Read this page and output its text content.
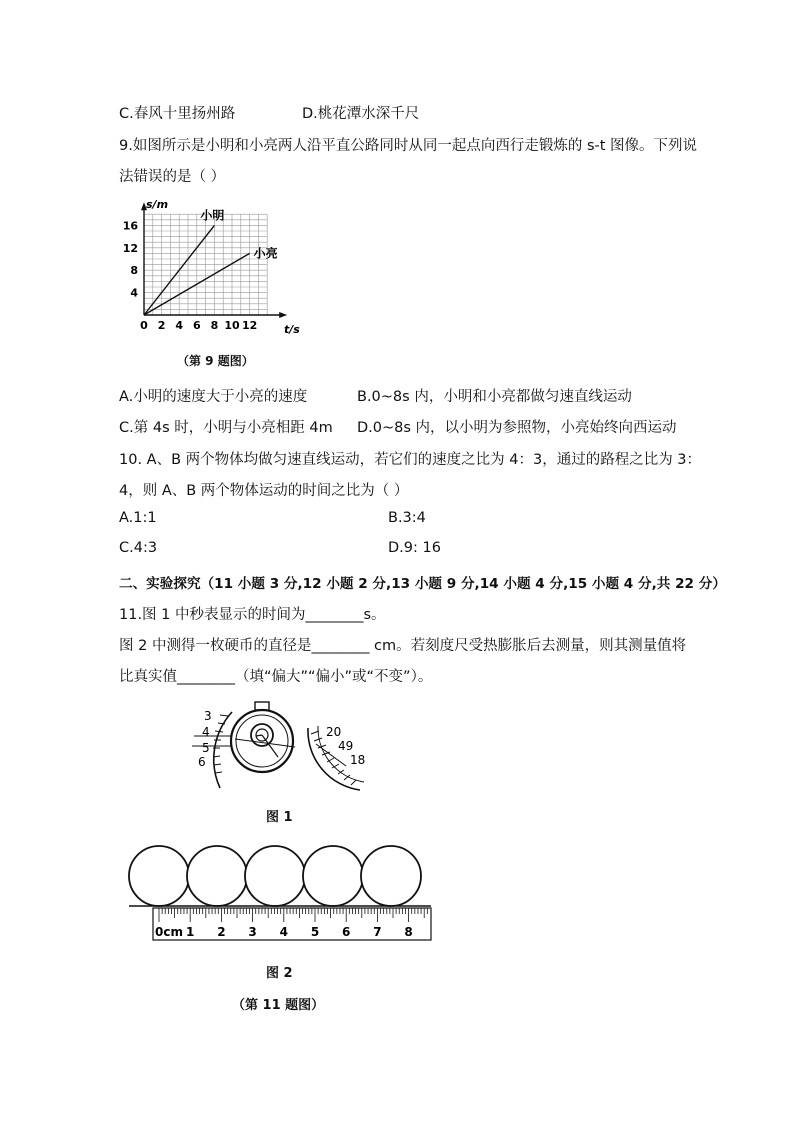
C.春风十里扬州路	D.桃花潭水深千尺
9.如图所示是小明和小亮两人沿平直公路同时从同一起点向西行走锻炼的 s-t 图像。下列说
法错误的是（ ）
0 2 4 6 8 10 12
4
8
12
16
小明
小亮
s/m
t/s
（第 9 题图）
A.小明的速度大于小亮的速度	B.0~8s 内，小明和小亮都做匀速直线运动
C.第 4s 时，小明与小亮相距 4m D.0~8s 内，以小明为参照物，小亮始终向西运动
10. A、B 两个物体均做匀速直线运动，若它们的速度之比为 4：3，通过的路程之比为 3：
4，则 A、B 两个物体运动的时间之比为（ ）
A.1:1	B.3:4
C.4:3	D.9: 16
二、实验探究（11 小题 3 分,12 小题 2 分,13 小题 9 分,14 小题 4 分,15 小题 4 分,共 22 分）
11.图 1 中秒表显示的时间为________s。
图 2 中测得一枚硬币的直径是________ cm。若刻度尺受热膨胀后去测量，则其测量值将
比真实值________（填“偏大”“偏小”或“不变”）。
3
4
5
6
20
49
18
图 1
0cm 1 2 3 4 5 6 7 8
图 2
（第 11 题图）
